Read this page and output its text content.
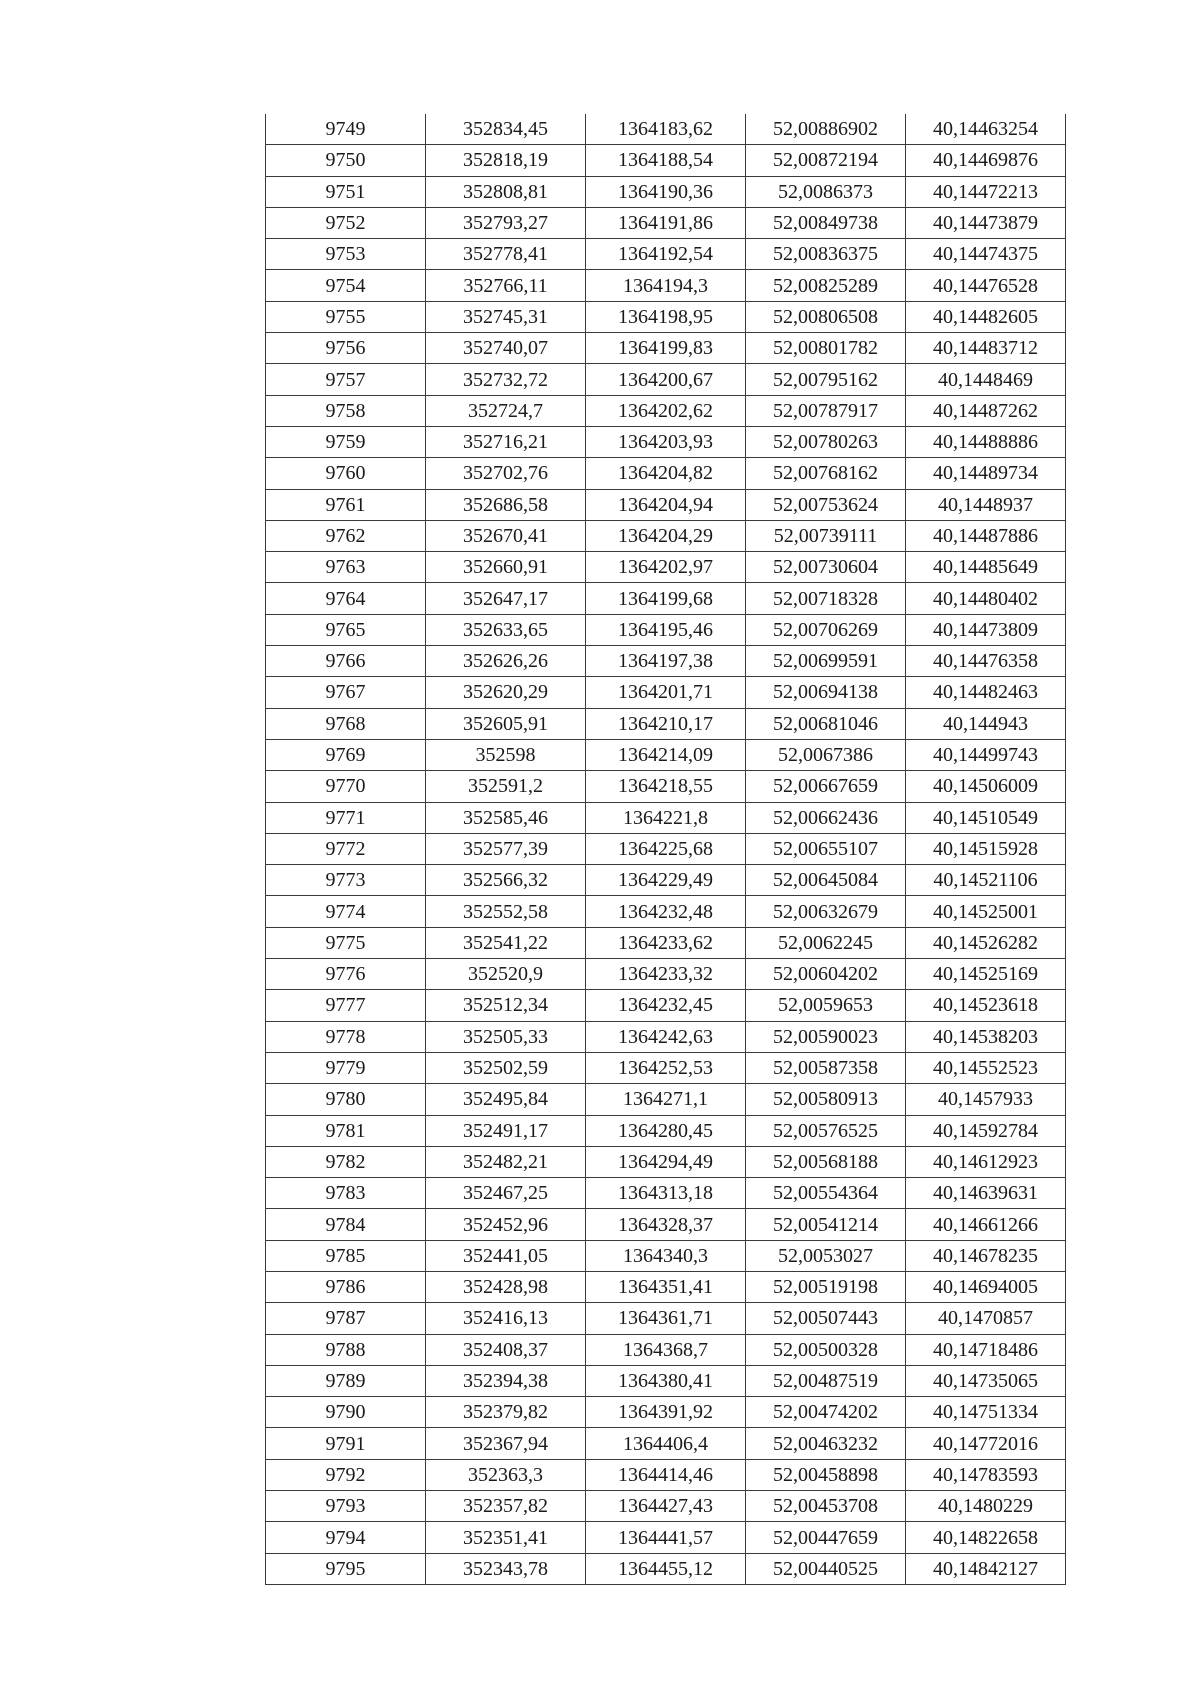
9749	352834,45	1364183,62	52,00886902	40,14463254
9750	352818,19	1364188,54	52,00872194	40,14469876
9751	352808,81	1364190,36	52,0086373	40,14472213
9752	352793,27	1364191,86	52,00849738	40,14473879
9753	352778,41	1364192,54	52,00836375	40,14474375
9754	352766,11	1364194,3	52,00825289	40,14476528
9755	352745,31	1364198,95	52,00806508	40,14482605
9756	352740,07	1364199,83	52,00801782	40,14483712
9757	352732,72	1364200,67	52,00795162	40,1448469
9758	352724,7	1364202,62	52,00787917	40,14487262
9759	352716,21	1364203,93	52,00780263	40,14488886
9760	352702,76	1364204,82	52,00768162	40,14489734
9761	352686,58	1364204,94	52,00753624	40,1448937
9762	352670,41	1364204,29	52,00739111	40,14487886
9763	352660,91	1364202,97	52,00730604	40,14485649
9764	352647,17	1364199,68	52,00718328	40,14480402
9765	352633,65	1364195,46	52,00706269	40,14473809
9766	352626,26	1364197,38	52,00699591	40,14476358
9767	352620,29	1364201,71	52,00694138	40,14482463
9768	352605,91	1364210,17	52,00681046	40,144943
9769	352598	1364214,09	52,0067386	40,14499743
9770	352591,2	1364218,55	52,00667659	40,14506009
9771	352585,46	1364221,8	52,00662436	40,14510549
9772	352577,39	1364225,68	52,00655107	40,14515928
9773	352566,32	1364229,49	52,00645084	40,14521106
9774	352552,58	1364232,48	52,00632679	40,14525001
9775	352541,22	1364233,62	52,0062245	40,14526282
9776	352520,9	1364233,32	52,00604202	40,14525169
9777	352512,34	1364232,45	52,0059653	40,14523618
9778	352505,33	1364242,63	52,00590023	40,14538203
9779	352502,59	1364252,53	52,00587358	40,14552523
9780	352495,84	1364271,1	52,00580913	40,1457933
9781	352491,17	1364280,45	52,00576525	40,14592784
9782	352482,21	1364294,49	52,00568188	40,14612923
9783	352467,25	1364313,18	52,00554364	40,14639631
9784	352452,96	1364328,37	52,00541214	40,14661266
9785	352441,05	1364340,3	52,0053027	40,14678235
9786	352428,98	1364351,41	52,00519198	40,14694005
9787	352416,13	1364361,71	52,00507443	40,1470857
9788	352408,37	1364368,7	52,00500328	40,14718486
9789	352394,38	1364380,41	52,00487519	40,14735065
9790	352379,82	1364391,92	52,00474202	40,14751334
9791	352367,94	1364406,4	52,00463232	40,14772016
9792	352363,3	1364414,46	52,00458898	40,14783593
9793	352357,82	1364427,43	52,00453708	40,1480229
9794	352351,41	1364441,57	52,00447659	40,14822658
9795	352343,78	1364455,12	52,00440525	40,14842127
